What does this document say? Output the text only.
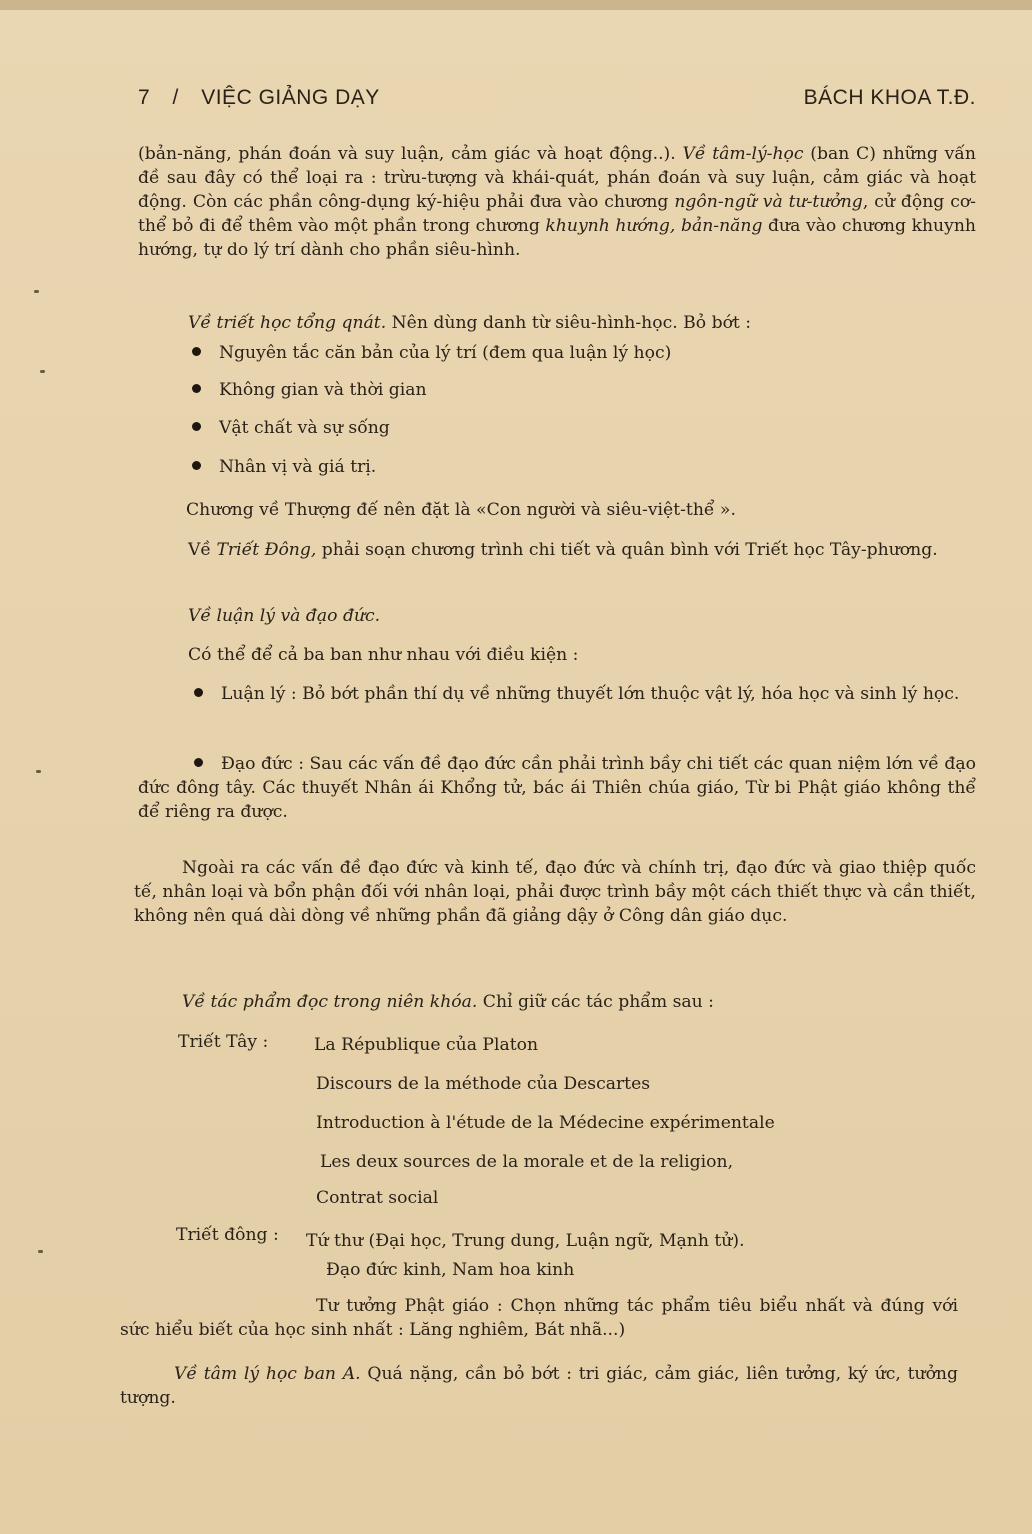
7 / VIỆC GIẢNG DẠY	BÁCH KHOA T.Đ.

(bản-năng, phán đoán và suy luận, cảm giác và hoạt động..). Về tâm-lý-học (ban C) những vấn đề sau đây có thể loại ra : trừu-tượng và khái-quát, phán đoán và suy luận, cảm giác và hoạt động. Còn các phần công-dụng ký-hiệu phải đưa vào chương ngôn-ngữ và tư-tưởng, cử động cơ-thể bỏ đi để thêm vào một phần trong chương khuynh hướng, bản-năng đưa vào chương khuynh hướng, tự do lý trí dành cho phần siêu-hình.

Về triết học tổng qnát. Nên dùng danh từ siêu-hình-học. Bỏ bớt :

Nguyên tắc căn bản của lý trí (đem qua luận lý học)
Không gian và thời gian
Vật chất và sự sống
Nhân vị và giá trị.

Chương về Thượng đế nên đặt là «Con người và siêu-việt-thể ».

Về Triết Đông, phải soạn chương trình chi tiết và quân bình với Triết học Tây-phương.

Về luận lý và đạo đức.

Có thể để cả ba ban như nhau với điều kiện :

Luận lý : Bỏ bớt phần thí dụ về những thuyết lớn thuộc vật lý, hóa học và sinh lý học.
Đạo đức : Sau các vấn đề đạo đức cần phải trình bầy chi tiết các quan niệm lớn về đạo đức đông tây. Các thuyết Nhân ái Khổng tử, bác ái Thiên chúa giáo, Từ bi Phật giáo không thể để riêng ra được.

Ngoài ra các vấn đề đạo đức và kinh tế, đạo đức và chính trị, đạo đức và giao thiệp quốc tế, nhân loại và bổn phận đối với nhân loại, phải được trình bầy một cách thiết thực và cần thiết, không nên quá dài dòng về những phần đã giảng dậy ở Công dân giáo dục.

Về tác phẩm đọc trong niên khóa. Chỉ giữ các tác phẩm sau :

Triết Tây :	La République của Platon
Discours de la méthode của Descartes
Introduction à l'étude de la Médecine expérimentale
Les deux sources de la morale et de la religion,
Contrat social
Triết đông : Tứ thư (Đại học, Trung dung, Luận ngữ, Mạnh tử).
Đạo đức kinh, Nam hoa kinh

Tư tưởng Phật giáo : Chọn những tác phẩm tiêu biểu nhất và đúng với sức hiểu biết của học sinh nhất : Lăng nghiêm, Bát nhã...)

Về tâm lý học ban A. Quá nặng, cần bỏ bớt : tri giác, cảm giác, liên tưởng, ký ức, tưởng tượng.
